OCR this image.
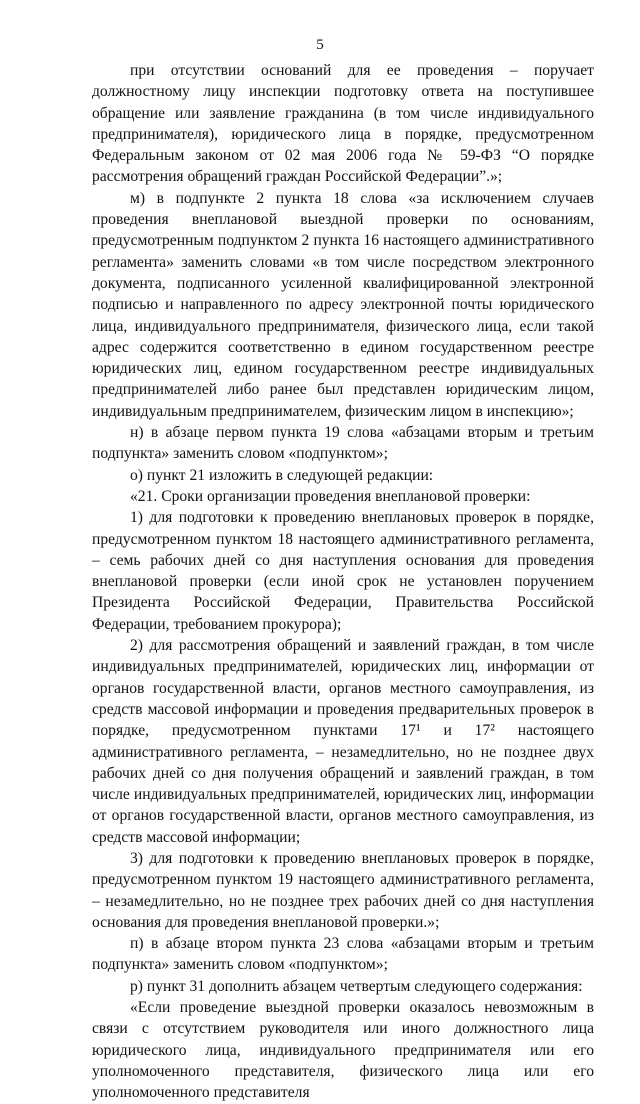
5

при отсутствии оснований для ее проведения – поручает должностному лицу инспекции подготовку ответа на поступившее обращение или заявление гражданина (в том числе индивидуального предпринимателя), юридического лица в порядке, предусмотренном Федеральным законом от 02 мая 2006 года № 59-ФЗ “О порядке рассмотрения обращений граждан Российской Федерации”.»;

м) в подпункте 2 пункта 18 слова «за исключением случаев проведения внеплановой выездной проверки по основаниям, предусмотренным подпунктом 2 пункта 16 настоящего административного регламента» заменить словами «в том числе посредством электронного документа, подписанного усиленной квалифицированной электронной подписью и направленного по адресу электронной почты юридического лица, индивидуального предпринимателя, физического лица, если такой адрес содержится соответственно в едином государственном реестре юридических лиц, едином государственном реестре индивидуальных предпринимателей либо ранее был представлен юридическим лицом, индивидуальным предпринимателем, физическим лицом в инспекцию»;

н) в абзаце первом пункта 19 слова «абзацами вторым и третьим подпункта» заменить словом «подпунктом»;

о) пункт 21 изложить в следующей редакции:

«21. Сроки организации проведения внеплановой проверки:

1) для подготовки к проведению внеплановых проверок в порядке, предусмотренном пунктом 18 настоящего административного регламента, – семь рабочих дней со дня наступления основания для проведения внеплановой проверки (если иной срок не установлен поручением Президента Российской Федерации, Правительства Российской Федерации, требованием прокурора);

2) для рассмотрения обращений и заявлений граждан, в том числе индивидуальных предпринимателей, юридических лиц, информации от органов государственной власти, органов местного самоуправления, из средств массовой информации и проведения предварительных проверок в порядке, предусмотренном пунктами 17¹ и 17² настоящего административного регламента, – незамедлительно, но не позднее двух рабочих дней со дня получения обращений и заявлений граждан, в том числе индивидуальных предпринимателей, юридических лиц, информации от органов государственной власти, органов местного самоуправления, из средств массовой информации;

3) для подготовки к проведению внеплановых проверок в порядке, предусмотренном пунктом 19 настоящего административного регламента, – незамедлительно, но не позднее трех рабочих дней со дня наступления основания для проведения внеплановой проверки.»;

п) в абзаце втором пункта 23 слова «абзацами вторым и третьим подпункта» заменить словом «подпунктом»;

р) пункт 31 дополнить абзацем четвертым следующего содержания:

«Если проведение выездной проверки оказалось невозможным в связи с отсутствием руководителя или иного должностного лица юридического лица, индивидуального предпринимателя или его уполномоченного представителя, физического лица или его уполномоченного представителя
